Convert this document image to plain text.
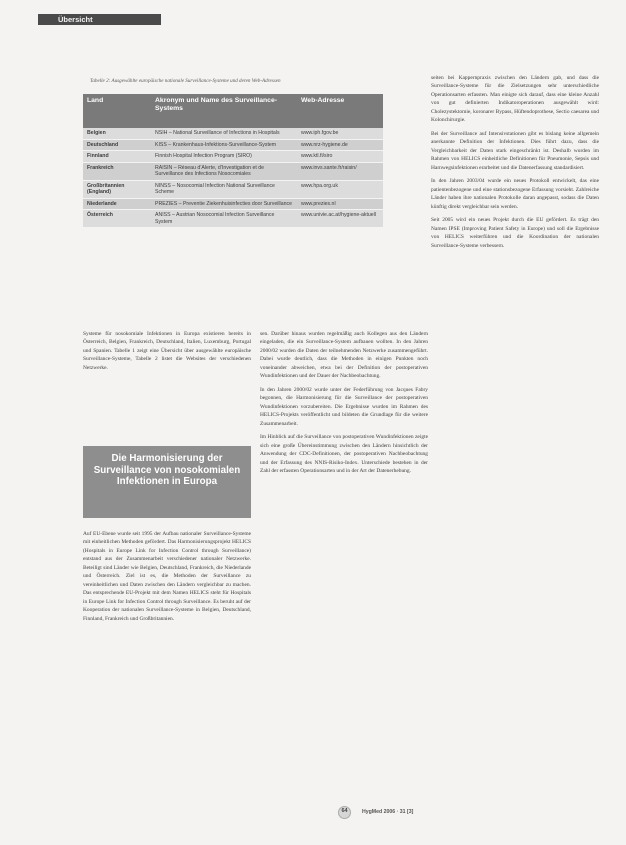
Übersicht
Tabelle 2: Ausgewählte europäische nationale Surveillance-Systeme und deren Web-Adressen
Land	Akronym und Name des Surveillance-Systems	Web-Adresse
Belgien	NSIH – National Surveillance of Infections in Hospitals	www.iph.fgov.be
Deutschland	KISS – Krankenhaus-Infektions-Surveillance-System	www.nrz-hygiene.de
Finnland	Finnish Hospital Infection Program (SIRO)	www.ktl.fi/siro
Frankreich	RAISIN – Réseau d’Alerte, d’Investigation et de Surveillance des Infections Nosocomiales	www.invs.sante.fr/raisin/
Großbritannien (England)	NINSS – Nosocomial Infection National Surveillance Scheme	www.hpa.org.uk
Niederlande	PREZIES – Preventie Ziekenhuisinfecties door Surveillance	www.prezies.nl
Österreich	ANISS – Austrian Nosocomial Infection Surveillance System	www.univie.ac.at/hygiene-aktuell

Systeme für nosokomiale Infektionen in Europa existieren bereits in Österreich, Belgien, Frankreich, Deutschland, Italien, Luxemburg, Portugal und Spanien. Tabelle 1 zeigt eine Übersicht über ausgewählte europäische Surveillance-Systeme, Tabelle 2 listet die Websites der verschiedenen Netzwerke.

Die Harmonisierung der Surveillance von nosokomialen Infektionen in Europa

Auf EU-Ebene wurde seit 1995 der Aufbau nationaler Surveillance-Systeme mit einheitlichen Methoden gefördert. Das Harmonisierungsprojekt HELICS (Hospitals in Europe Link for Infection Control through Surveillance) entstand aus der Zusammenarbeit verschiedener nationaler Netzwerke. Beteiligt sind Länder wie Belgien, Deutschland, Frankreich, die Niederlande und Österreich. Ziel ist es, die Methoden der Surveillance zu vereinheitlichen und Daten zwischen den Ländern vergleichbar zu machen. Das entsprechende EU-Projekt mit dem Namen HELICS steht für Hospitals in Europe Link for Infection Control through Surveillance. Es beruht auf der Kooperation der nationalen Surveillance-Systeme in Belgien, Deutschland, Finnland, Frankreich und Großbritannien.

sen. Darüber hinaus wurden regelmäßig auch Kollegen aus den Ländern eingeladen, die ein Surveillance-System aufbauen wollten. In den Jahren 2000/02 wurden die Daten der teilnehmenden Netzwerke zusammengeführt. Dabei wurde deutlich, dass die Methoden in einigen Punkten noch voneinander abweichen, etwa bei der Definition der postoperativen Wundinfektionen und der Dauer der Nachbeobachtung.

In den Jahren 2000/02 wurde unter der Federführung von Jacques Fabry begonnen, die Harmonisierung für die Surveillance der postoperativen Wundinfektionen vorzubereiten. Die Ergebnisse wurden im Rahmen des HELICS-Projekts veröffentlicht und bildeten die Grundlage für die weitere Zusammenarbeit.

Im Hinblick auf die Surveillance von postoperativen Wundinfektionen zeigte sich eine große Übereinstimmung zwischen den Ländern hinsichtlich der Anwendung der CDC-Definitionen, der postoperativen Nachbeobachtung und der Erfassung des NNIS-Risiko-Index. Unterschiede bestehen in der Zahl der erfassten Operationsarten und in der Art der Datenerhebung.

seiten bei Kappernpraxis zwischen den Ländern gab, und dass die Surveillance-Systeme für die Zielsetzungen sehr unterschiedliche Operationsarten erfassten. Man einigte sich darauf, dass eine kleine Anzahl von gut definierten Indikatoroperationen ausgewählt wird: Cholezystektomie, koronarer Bypass, Hüftendoprothese, Sectio caesarea und Kolonchirurgie.

Bei der Surveillance auf Intensivstationen gibt es bislang keine allgemein anerkannte Definition der Infektionen. Dies führt dazu, dass die Vergleichbarkeit der Daten stark eingeschränkt ist. Deshalb wurden im Rahmen von HELICS einheitliche Definitionen für Pneumonie, Sepsis und Harnwegsinfektionen erarbeitet und die Datenerfassung standardisiert.

In den Jahren 2003/04 wurde ein neues Protokoll entwickelt, das eine patientenbezogene und eine stationsbezogene Erfassung vorsieht. Zahlreiche Länder haben ihre nationalen Protokolle daran angepasst, sodass die Daten künftig direkt vergleichbar sein werden.

Seit 2005 wird ein neues Projekt durch die EU gefördert. Es trägt den Namen IPSE (Improving Patient Safety in Europe) und soll die Ergebnisse von HELICS weiterführen und die Koordination der nationalen Surveillance-Systeme verbessern.

64	HygMed 2006 · 31 [3]
